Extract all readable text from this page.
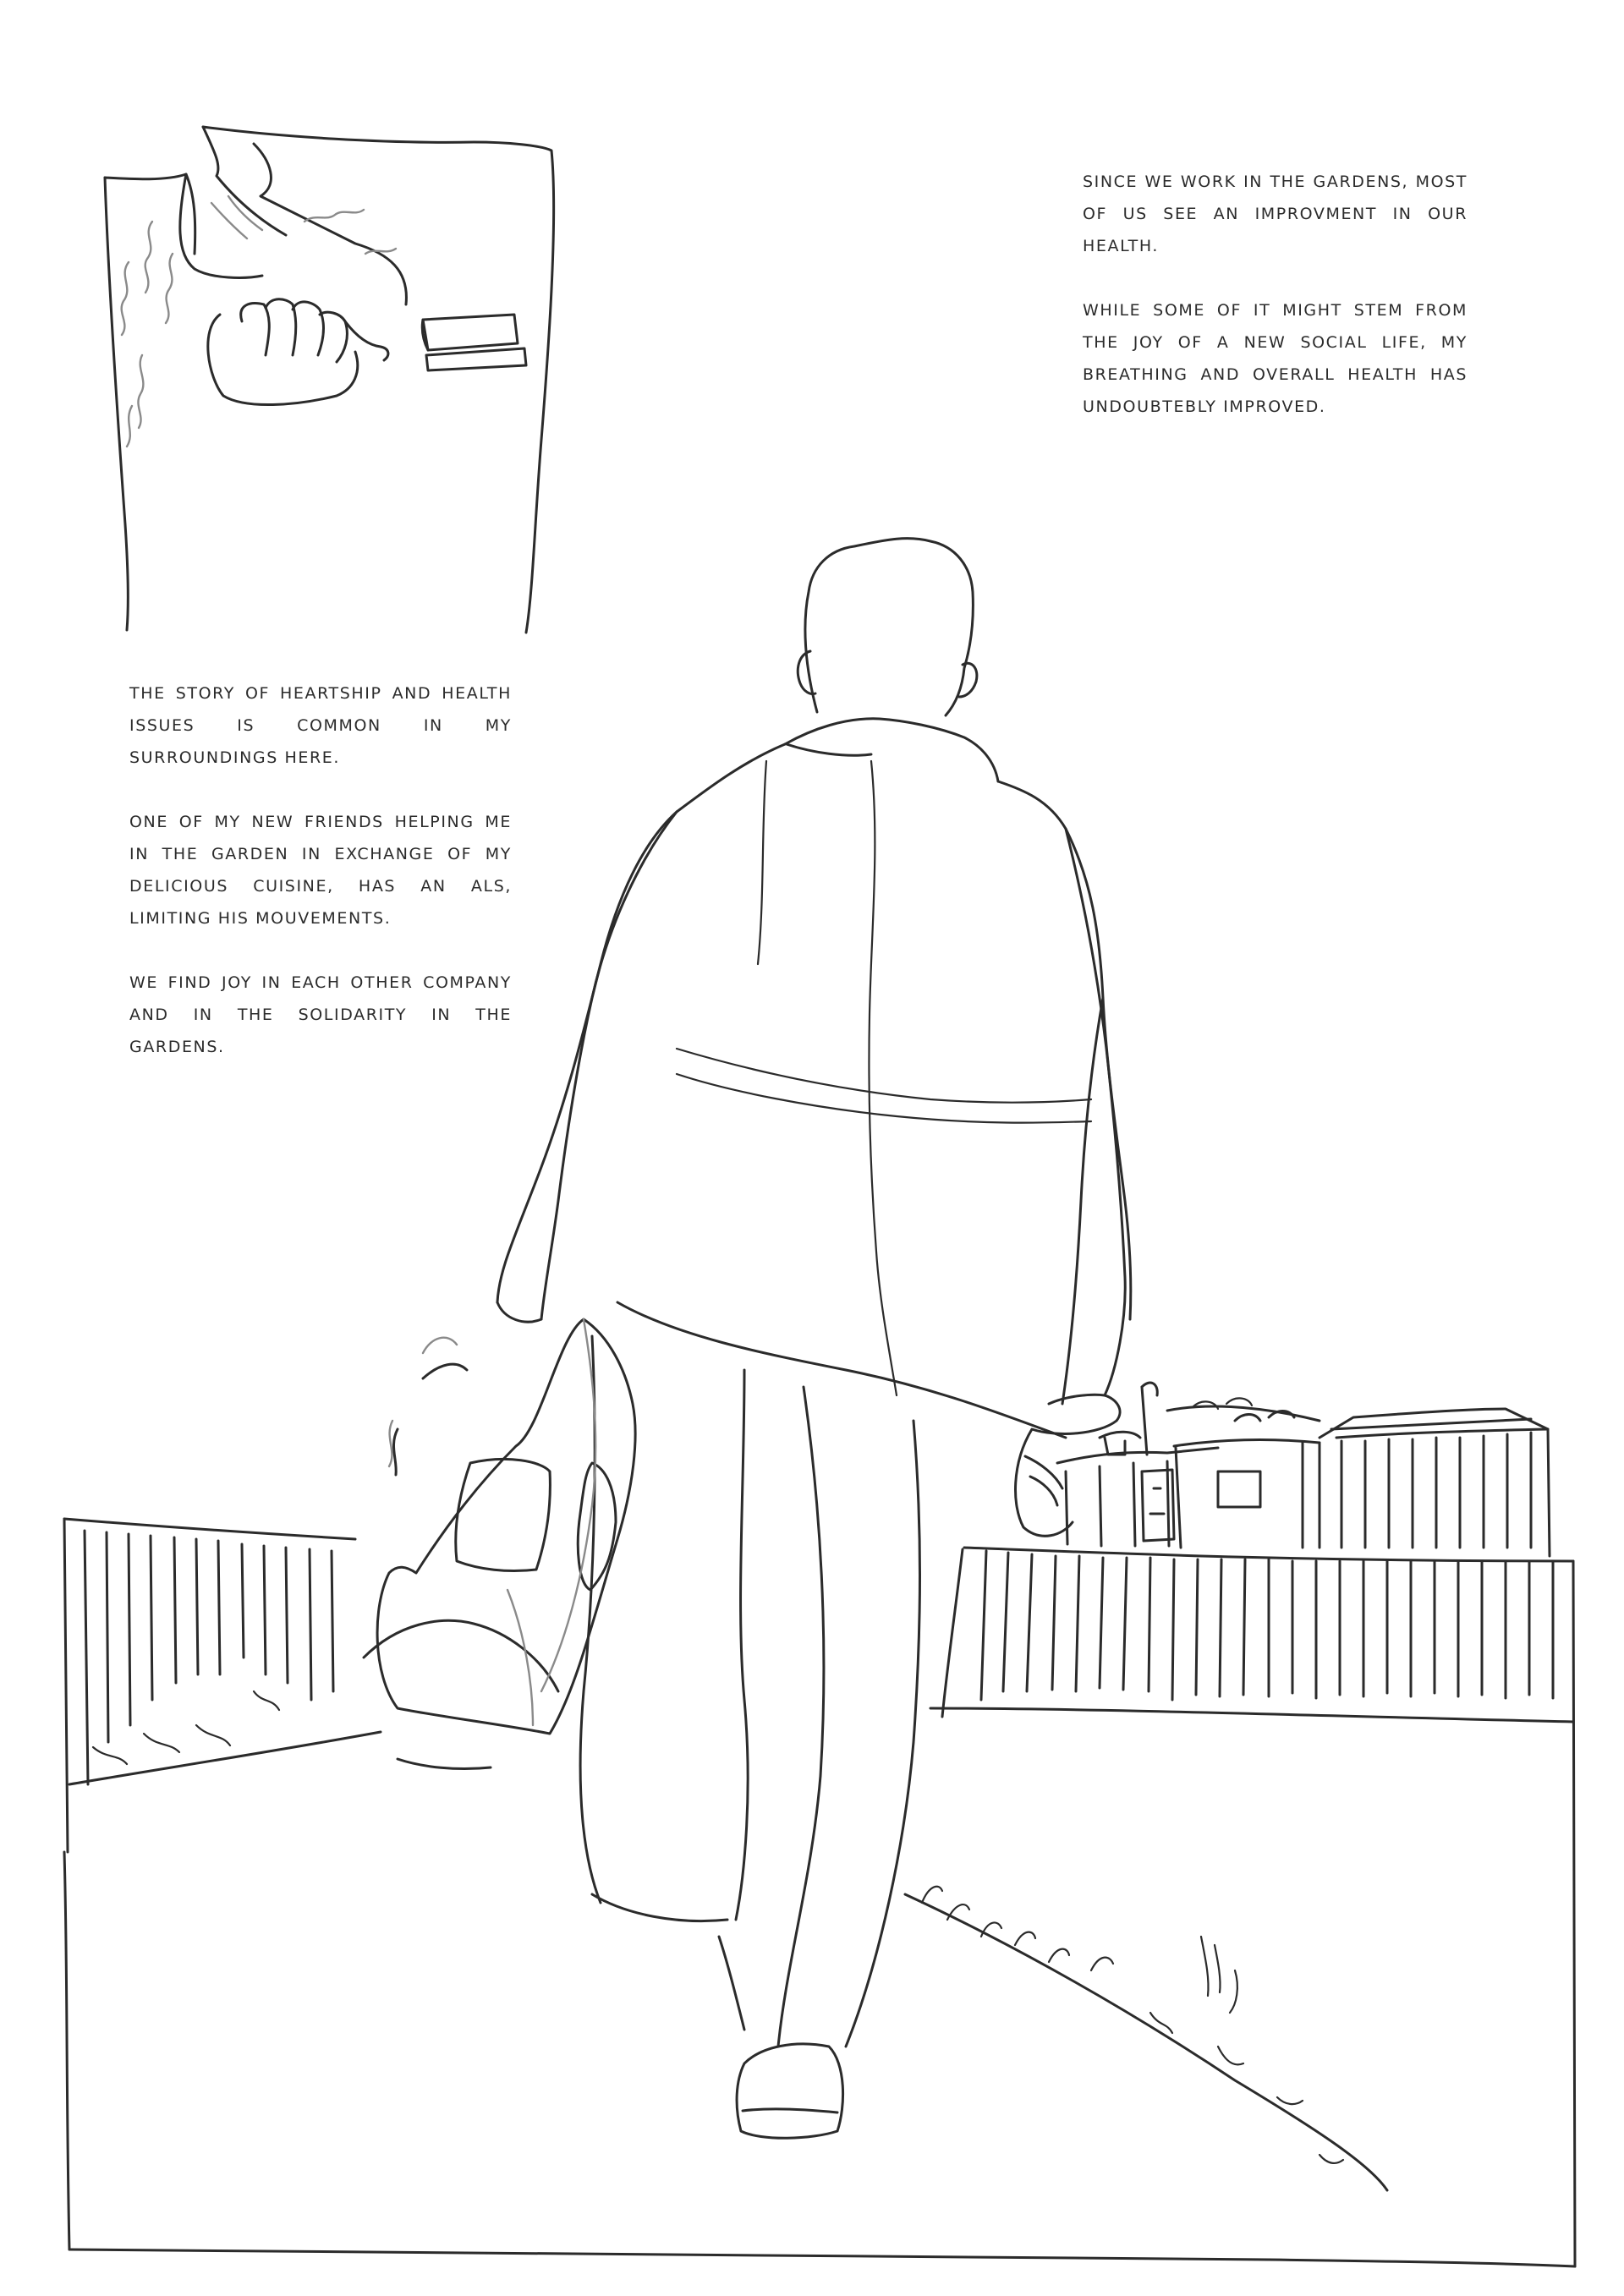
SINCE WE WORK IN THE GARDENS, MOST OF US SEE AN IMPROVMENT IN OUR HEALTH.

WHILE SOME OF IT MIGHT STEM FROM THE JOY OF A NEW SOCIAL LIFE, MY BREATHING AND OVERALL HEALTH HAS UNDOUBTEBLY IMPROVED.

THE STORY OF HEARTSHIP AND HEALTH ISSUES IS COMMON IN MY SURROUNDINGS HERE.

ONE OF MY NEW FRIENDS HELPING ME IN THE GARDEN IN EXCHANGE OF MY DELICIOUS CUISINE, HAS AN ALS, LIMITING HIS MOUVEMENTS.

WE FIND JOY IN EACH OTHER COMPANY AND IN THE SOLIDARITY IN THE GARDENS.
